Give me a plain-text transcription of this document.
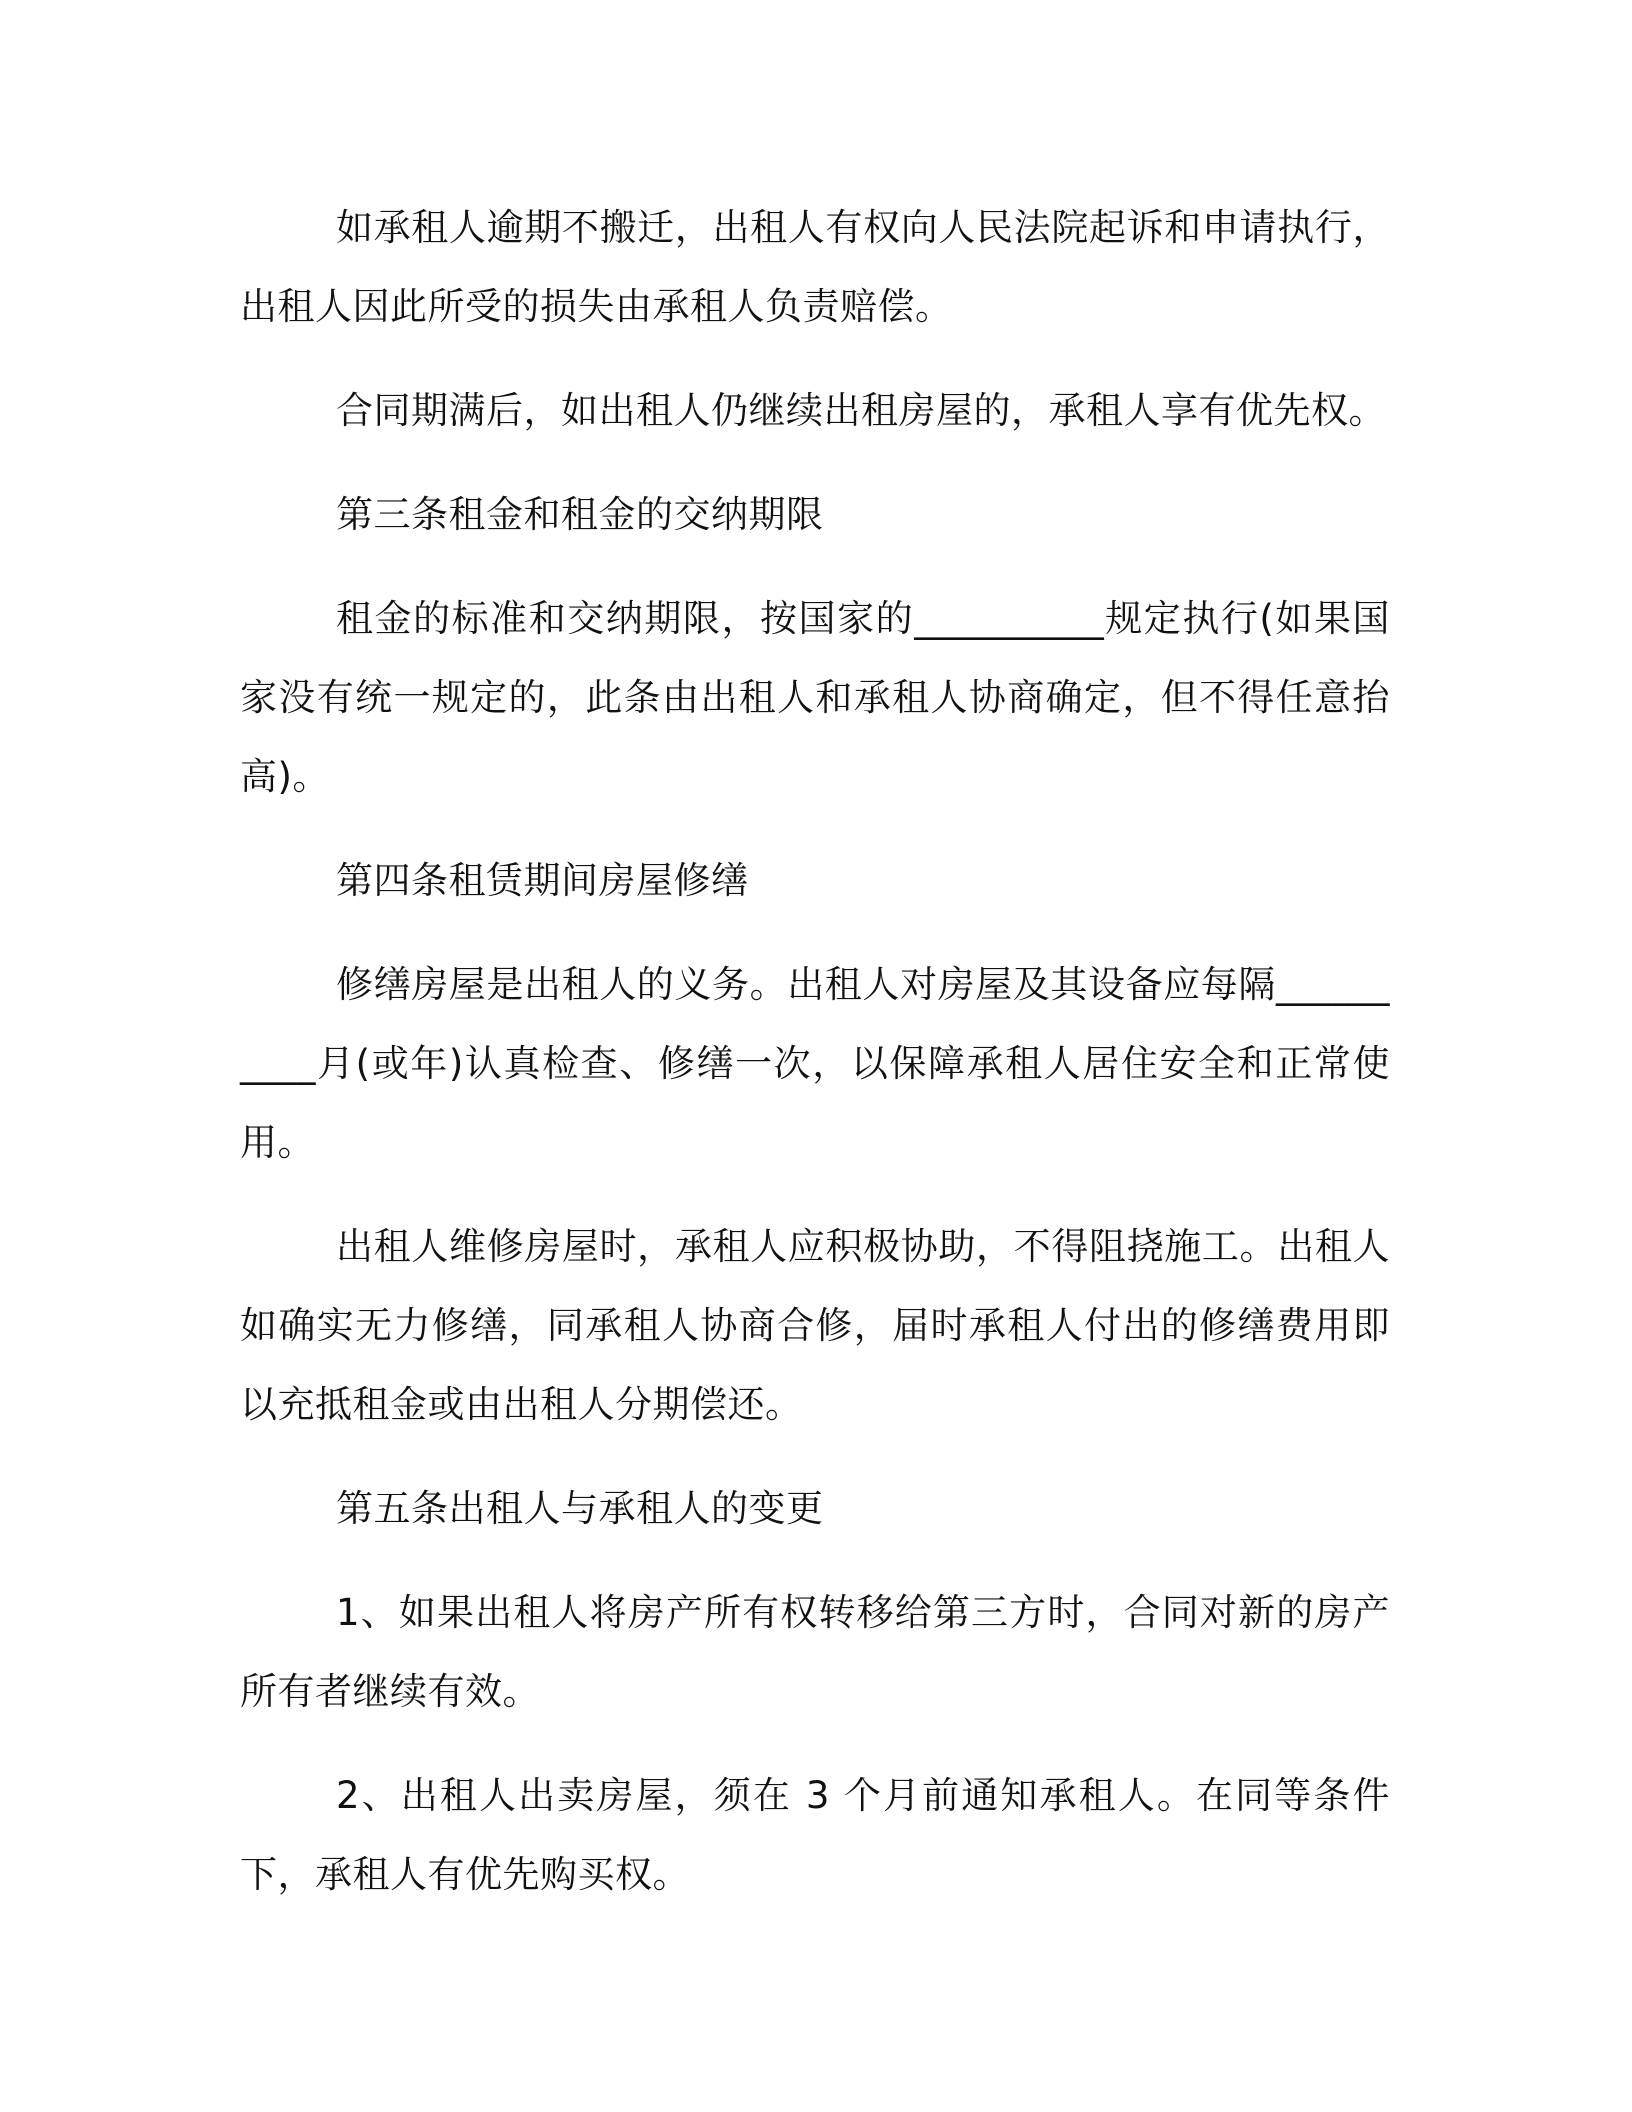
如承租人逾期不搬迁，出租人有权向人民法院起诉和申请执行，出租人因此所受的损失由承租人负责赔偿。

合同期满后，如出租人仍继续出租房屋的，承租人享有优先权。

第三条租金和租金的交纳期限

租金的标准和交纳期限，按国家的__________规定执行(如果国家没有统一规定的，此条由出租人和承租人协商确定，但不得任意抬高)。

第四条租赁期间房屋修缮

修缮房屋是出租人的义务。出租人对房屋及其设备应每隔__________月(或年)认真检查、修缮一次，以保障承租人居住安全和正常使用。

出租人维修房屋时，承租人应积极协助，不得阻挠施工。出租人如确实无力修缮，同承租人协商合修，届时承租人付出的修缮费用即以充抵租金或由出租人分期偿还。

第五条出租人与承租人的变更

1、如果出租人将房产所有权转移给第三方时，合同对新的房产所有者继续有效。

2、出租人出卖房屋，须在 3 个月前通知承租人。在同等条件下，承租人有优先购买权。
